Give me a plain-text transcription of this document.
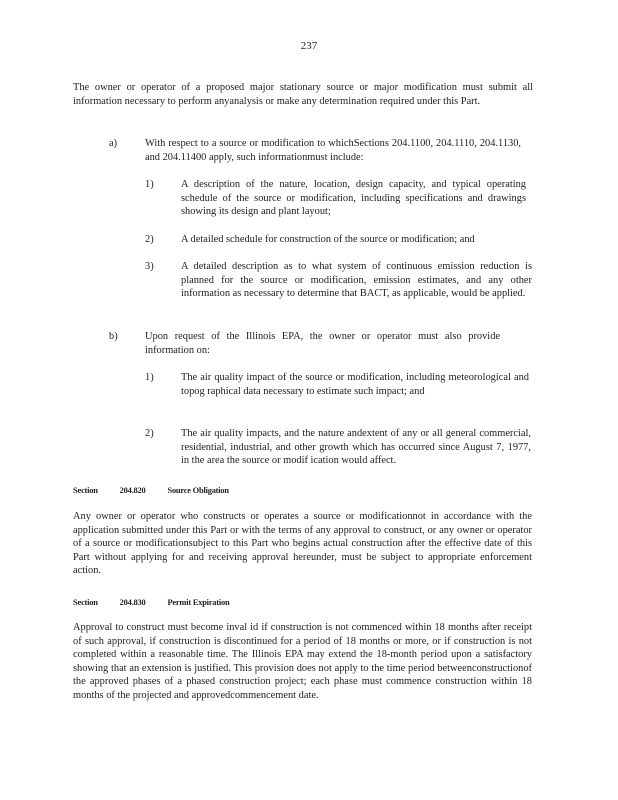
237
The owner or operator of a proposed major stationary source or major modification must submit all information necessary to perform anyanalysis or make any determination required under this Part.
a)	With respect to a source or modification to whichSections 204.1100, 204.1110, 204.1130, and 204.11400 apply, such informationmust include:
1)	A description of the nature, location, design capacity, and typical operating schedule of the source or modification, including specifications and drawings showing its design and plant layout;
2)	A detailed schedule for construction of the source or modification; and
3)	A detailed description as to what system of continuous emission reduction is planned for the source or modification, emission estimates, and any other information as necessary to determine that BACT, as applicable, would be applied.
b)	Upon request of the Illinois EPA, the owner or operator must also provide information on:
1)	The air quality impact of the source or modification, including meteorological and topog raphical data necessary to estimate such impact; and
2)	The air quality impacts, and the nature andextent of any or all general commercial, residential, industrial, and other growth which has occurred since August 7, 1977, in the area the source or modif ication would affect.
Section	204.820	Source Obligation
Any owner or operator who constructs or operates a source or modificationnot in accordance with the application submitted under this Part or with the terms of any approval to construct, or any owner or operator of a source or modificationsubject to this Part who begins actual construction after the effective date of this Part without applying for and receiving approval hereunder, must be subject to appropriate enforcement action.
Section	204.830	Permit Expiration
Approval to construct must become inval id if construction is not commenced within 18 months after receipt of such approval, if construction is discontinued for a period of 18 months or more, or if construction is not completed within a reasonable time. The Illinois EPA may extend the 18-month period upon a satisfactory showing that an extension is justified. This provision does not apply to the time period betweenconstructionof the approved phases of a phased construction project; each phase must commence construction within 18 months of the projected and approvedcommencement date.
